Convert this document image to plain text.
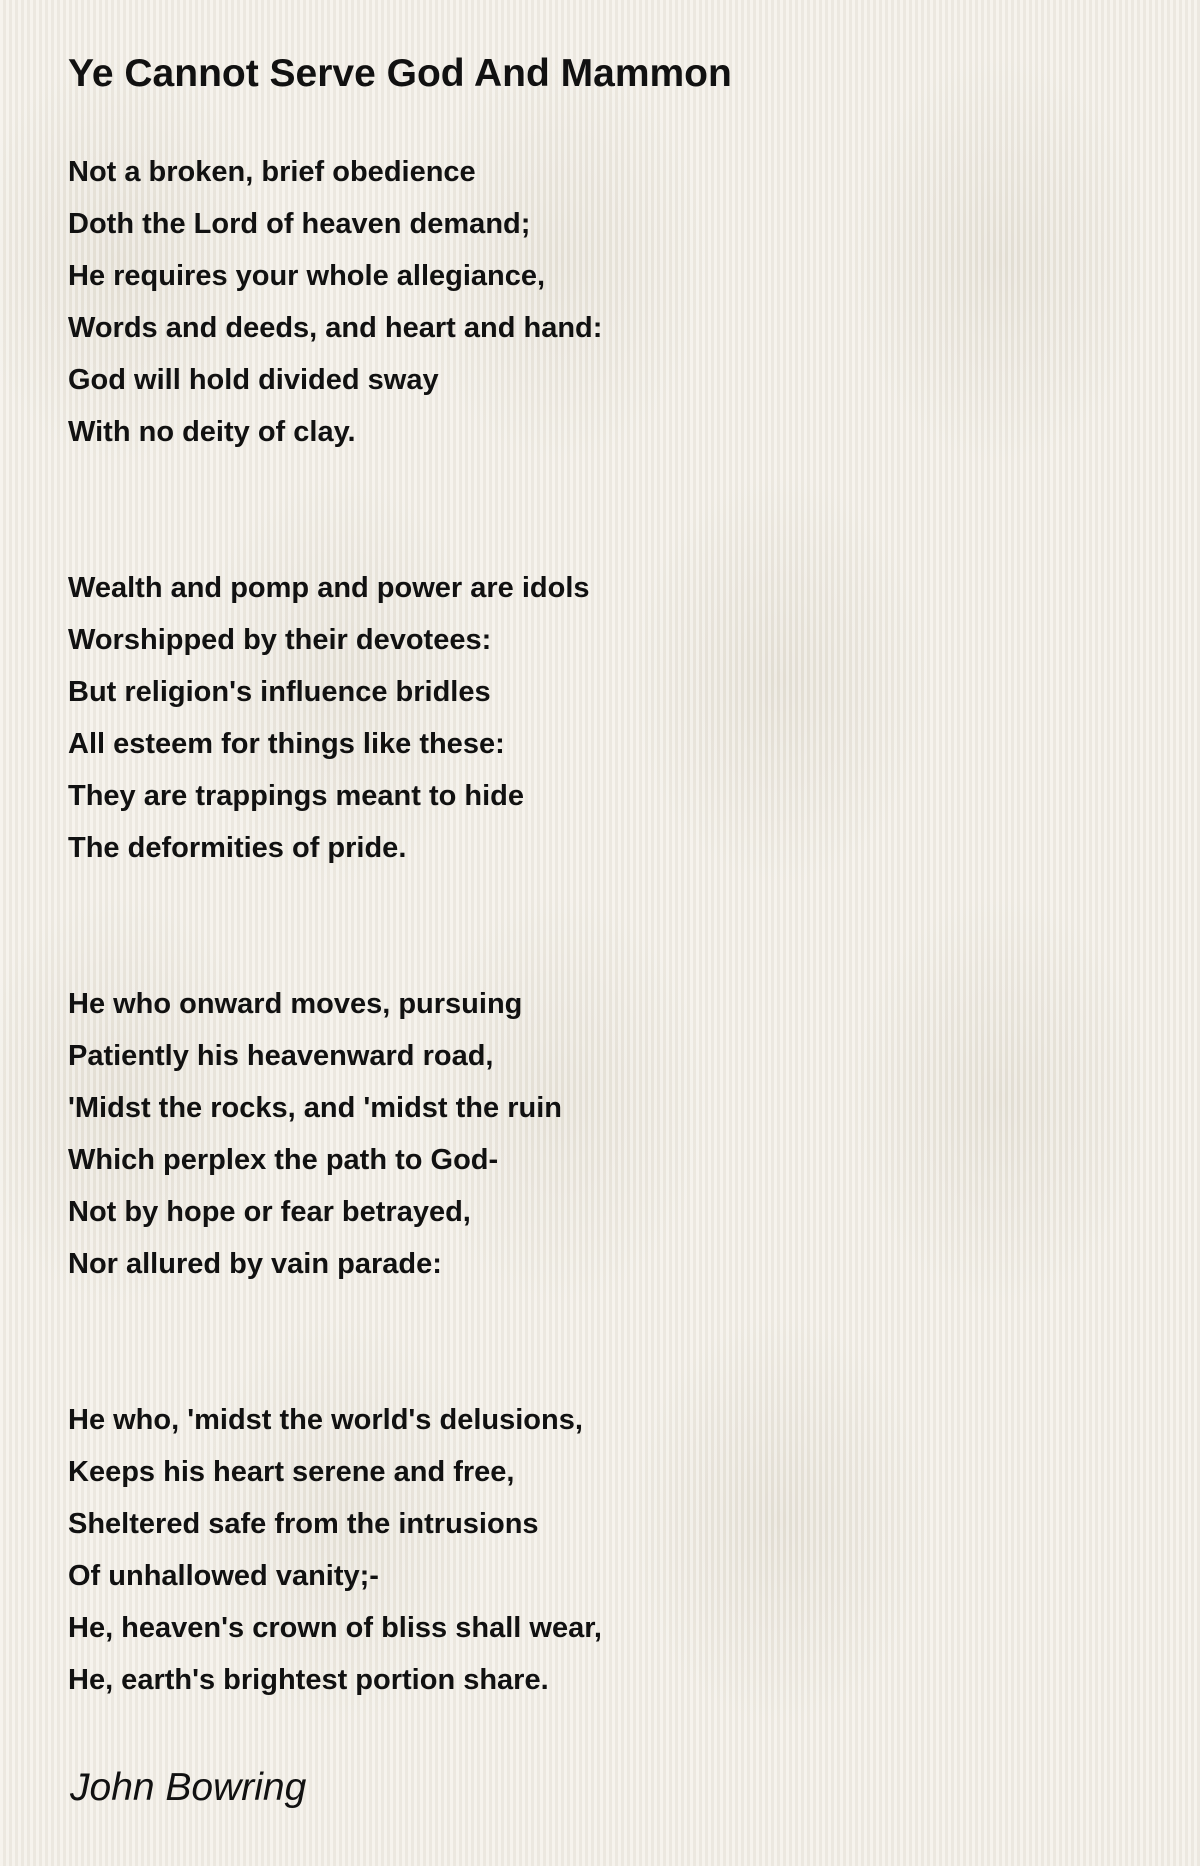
Ye Cannot Serve God And Mammon
Not a broken, brief obedience
Doth the Lord of heaven demand;
He requires your whole allegiance,
Words and deeds, and heart and hand:
God will hold divided sway
With no deity of clay.
Wealth and pomp and power are idols
Worshipped by their devotees:
But religion's influence bridles
All esteem for things like these:
They are trappings meant to hide
The deformities of pride.
He who onward moves, pursuing
Patiently his heavenward road,
'Midst the rocks, and 'midst the ruin
Which perplex the path to God-
Not by hope or fear betrayed,
Nor allured by vain parade:
He who, 'midst the world's delusions,
Keeps his heart serene and free,
Sheltered safe from the intrusions
Of unhallowed vanity;-
He, heaven's crown of bliss shall wear,
He, earth's brightest portion share.

John Bowring
